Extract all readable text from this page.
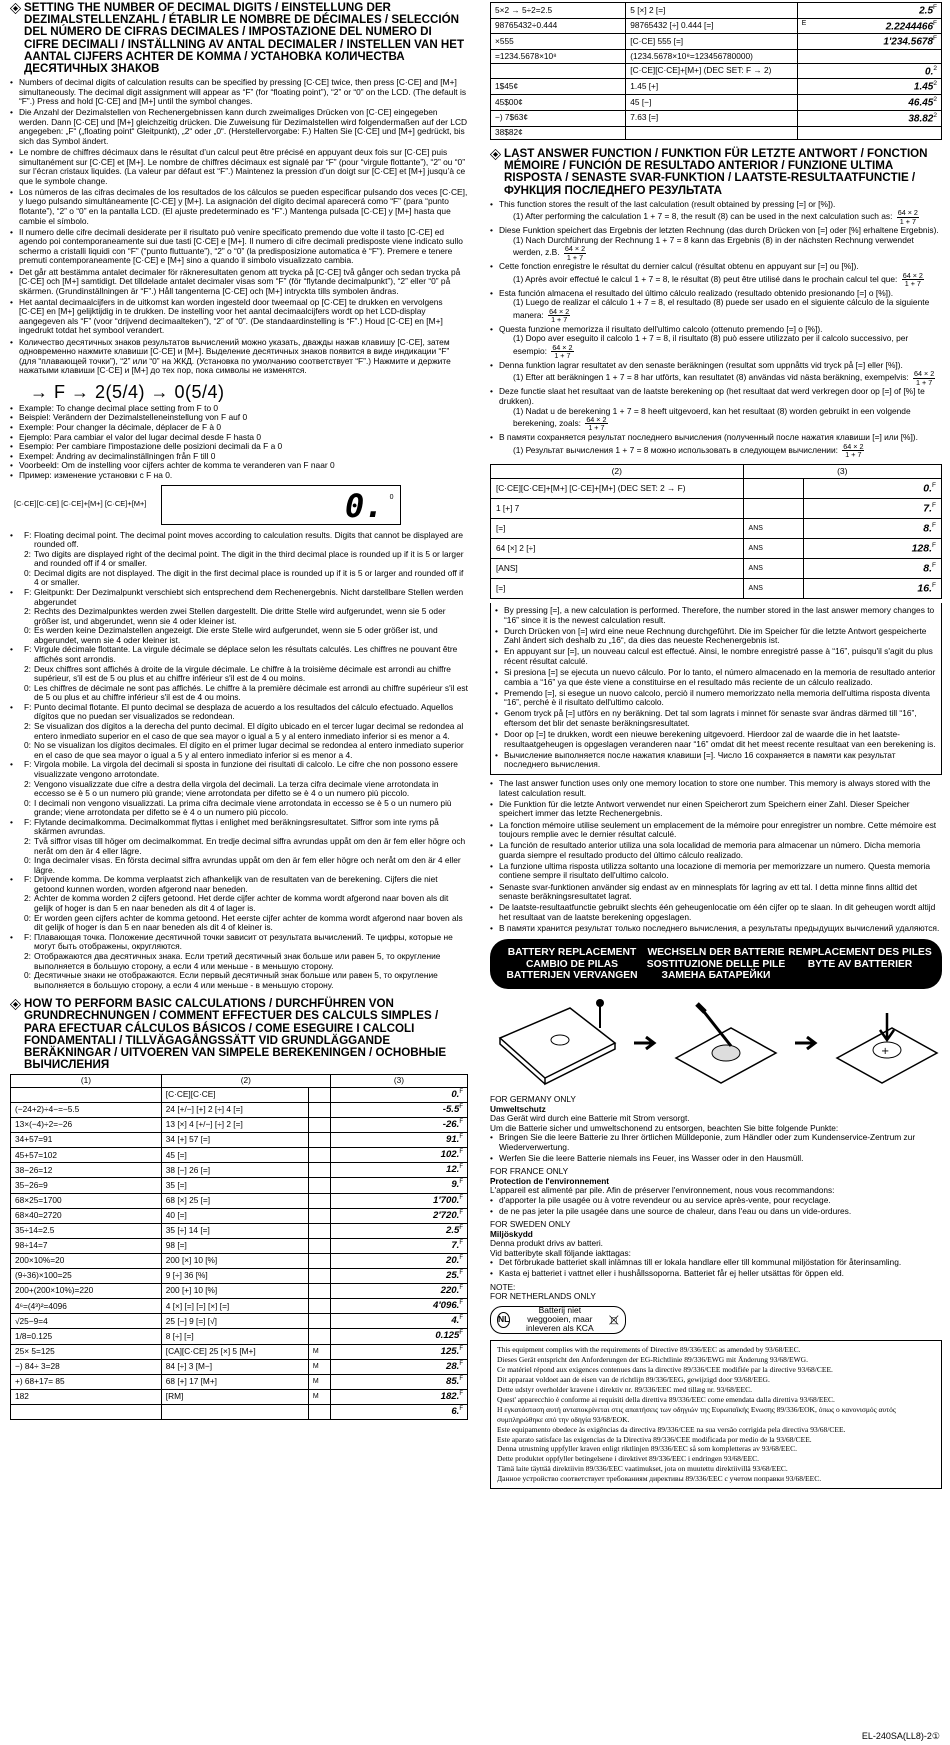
SETTING THE NUMBER OF DECIMAL DIGITS / EINSTELLUNG DER DEZIMALSTELLENZAHL / ÉTABLIR LE NOMBRE DE DÉCIMALES / SELECCIÓN DEL NÚMERO DE CIFRAS DECIMALES / IMPOSTAZIONE DEL NUMERO DI CIFRE DECIMALI / INSTÄLLNING AV ANTAL DECIMALER / INSTELLEN VAN HET AANTAL CIJFERS ACHTER DE KOMMA / УСТАНОВКА КОЛИЧЕСТВА ДЕСЯТИЧНЫХ ЗНАКОВ
• Numbers of decimal digits of calculation results can be specified by pressing [C·CE] twice, then press [C·CE] and [M+] simultaneously. The decimal digit assignment will appear as “F” (for “floating point”), “2” or “0” on the LCD. (The default is “F”.) Press and hold [C·CE] and [M+] until the symbol changes.
• Die Anzahl der Dezimalstellen von Rechenergebnissen kann durch zweimaliges Drücken von [C·CE] eingegeben werden. Dann [C·CE] und [M+] gleichzeitig drücken. Die Zuweisung für Dezimalstellen wird folgendermaßen auf der LCD angegeben: „F“ („floating point“ Gleitpunkt), „2“ oder „0“. (Herstellervorgabe: F.) Halten Sie [C·CE] und [M+] gedrückt, bis sich das Symbol ändert.
• Le nombre de chiffres décimaux dans le résultat d’un calcul peut être précisé en appuyant deux fois sur [C·CE] puis simultanément sur [C·CE] et [M+]. Le nombre de chiffres décimaux est signalé par “F” (pour “virgule flottante”), “2” ou “0” sur l’écran cristaux liquides. (La valeur par défaut est “F”.) Maintenez la pression d’un doigt sur [C·CE] et [M+] jusqu’à ce que le symbole change.
• Los números de las cifras decimales de los resultados de los cálculos se pueden especificar pulsando dos veces [C·CE], y luego pulsando simultáneamente [C·CE] y [M+]. La asignación del dígito decimal aparecerá como “F” (para “punto flotante”), “2” o “0” en la pantalla LCD. (El ajuste predeterminado es “F”.) Mantenga pulsada [C·CE] y [M+] hasta que cambie el símbolo.
• Il numero delle cifre decimali desiderate per il risultato può venire specificato premendo due volte il tasto [C·CE] ed agendo poi contemporaneamente sui due tasti [C·CE] e [M+]. Il numero di cifre decimali predisposte viene indicato sullo schermo a cristalli liquidi con “F” (“punto fluttuante”), “2” o “0” (la predisposizione automatica è “F”). Premere e tenere premuti contemporaneamente [C·CE] e [M+] sino a quando il simbolo visualizzato cambia.
• Det går att bestämma antalet decimaler för räkneresultaten genom att trycka på [C·CE] två gånger och sedan trycka på [C·CE] och [M+] samtidigt. Det tilldelade antalet decimaler visas som “F” (för “flytande decimalpunkt”), “2” eller “0” på skärmen. (Grundinställningen är “F”.) Håll tangenterna [C·CE] och [M+] intryckta tills symbolen ändras.
• Het aantal decimaalcijfers in de uitkomst kan worden ingesteld door tweemaal op [C·CE] te drukken en vervolgens [C·CE] en [M+] gelijktijdig in te drukken. De instelling voor het aantal decimaalcijfers wordt op het LCD-display aangegeven als “F” (voor “drijvend decimaalteken”), “2” of “0”. (De standaardinstelling is “F”.) Houd [C·CE] en [M+] ingedrukt totdat het symbool verandert.
• Количество десятичных знаков результатов вычислений можно указать, дважды нажав клавишу [C·CE], затем одновременно нажмите клавиши [C·CE] и [M+]. Выделение десятичных знаков появится в виде индикации “F” (для “плавающей точки”), “2” или “0” на ЖКД. (Установка по умолчанию соответствует “F”.) Нажмите и держите нажатыми клавиши [C·CE] и [M+] до тех пор, пока символы не изменятся.
→ F → 2(5/4) → 0(5/4)
• Example: To change decimal place setting from F to 0
• Beispiel: Verändern der Dezimalstelleneinstellung von F auf 0
• Exemple: Pour changer la décimale, déplacer de F à 0
• Ejemplo: Para cambiar el valor del lugar decimal desde F hasta 0
• Esempio: Per cambiare l'impostazione delle posizioni decimali da F a 0
• Exempel: Ändring av decimalinställningen från F till 0
• Voorbeeld: Om de instelling voor cijfers achter de komma te veranderen van F naar 0
• Пример: изменение установки с F на 0.
[C·CE][C·CE] [C·CE]+[M+] [C·CE]+[M+]	0. 0
•	F: Floating decimal point. The decimal point moves according to calculation results. Digits that cannot be displayed are rounded off.
2: Two digits are displayed right of the decimal point. The digit in the third decimal place is rounded up if it is 5 or larger and rounded off if 4 or smaller.
0: Decimal digits are not displayed. The digit in the first decimal place is rounded up if it is 5 or larger and rounded off if 4 or smaller.
•	F: Gleitpunkt: Der Dezimalpunkt verschiebt sich entsprechend dem Rechenergebnis. Nicht darstellbare Stellen werden abgerundet
2: Rechts des Dezimalpunktes werden zwei Stellen dargestellt. Die dritte Stelle wird aufgerundet, wenn sie 5 oder größer ist, und abgerundet, wenn sie 4 oder kleiner ist.
0: Es werden keine Dezimalstellen angezeigt. Die erste Stelle wird aufgerundet, wenn sie 5 oder größer ist, und abgerundet, wenn sie 4 oder kleiner ist.
•	F: Virgule décimale flottante. La virgule décimale se déplace selon les résultats calculés. Les chiffres ne pouvant être affichés sont arrondis.
2: Deux chiffres sont affichés à droite de la virgule décimale. Le chiffre à la troisième décimale est arrondi au chiffre supérieur, s'il est de 5 ou plus et au chiffre inférieur s'il est de 4 ou moins.
0: Les chiffres de décimale ne sont pas affichés. Le chiffre à la première décimale est arrondi au chiffre supérieur s'il est de 5 ou plus et au chiffre inférieur s'il est de 4 ou moins.
•	F: Punto decimal flotante. El punto decimal se desplaza de acuerdo a los resultados del cálculo efectuado. Aquellos dígitos que no puedan ser visualizados se redondean.
2: Se visualizan dos dígitos a la derecha del punto decimal. El dígito ubicado en el tercer lugar decimal se redondea al entero inmediato superior en el caso de que sea mayor o igual a 5 y al entero inmediato inferior si es menor a 4.
0: No se visualizan los dígitos decimales. El dígito en el primer lugar decimal se redondea al entero inmediato superior en el caso de que sea mayor o igual a 5 y al entero inmediato inferior si es menor a 4.
•	F: Virgola mobile. La virgola del decimali si sposta in funzione dei risultati di calcolo. Le cifre che non possono essere visualizzate vengono arrotondate.
2: Vengono visualizzate due cifre a destra della virgola del decimali. La terza cifra decimale viene arrotondata in eccesso se è 5 o un numero più grande; viene arrotondata per difetto se è 4 o un numero più piccolo.
0: I decimali non vengono visualizzati. La prima cifra decimale viene arrotondata in eccesso se è 5 o un numero più grande; viene arrotondata per difetto se è 4 o un numero più piccolo.
•	F: Flytande decimalkomma. Decimalkommat flyttas i enlighet med beräkningsresultatet. Siffror som inte ryms på skärmen avrundas.
2: Två siffror visas till höger om decimalkommat. En tredje decimal siffra avrundas uppåt om den är fem eller högre och neråt om den är 4 eller lägre.
0: Inga decimaler visas. En första decimal siffra avrundas uppåt om den är fem eller högre och neråt om den är 4 eller lägre.
•	F: Drijvende komma. De komma verplaatst zich afhankelijk van de resultaten van de berekening. Cijfers die niet getoond kunnen worden, worden afgerond naar beneden.
2: Achter de komma worden 2 cijfers getoond. Het derde cijfer achter de komma wordt afgerond naar boven als dit gelijk of hoger is dan 5 en naar beneden als dit 4 of lager is.
0: Er worden geen cijfers achter de komma getoond. Het eerste cijfer achter de komma wordt afgerond naar boven als dit gelijk of hoger is dan 5 en naar beneden als dit 4 of kleiner is.
•	F: Плавающая точка. Положение десятичной точки зависит от результата вычислений. Те цифры, которые не могут быть отображены, округляются.
2: Отображаются два десятичных знака. Если третий десятичный знак больше или равен 5, то округление выполняется в большую сторону, а если 4 или меньше - в меньшую сторону.
0: Десятичные знаки не отображаются. Если первый десятичный знак больше или равен 5, то округление выполняется в большую сторону, а если 4 или меньше - в меньшую сторону.
HOW TO PERFORM BASIC CALCULATIONS / DURCHFÜHREN VON GRUNDRECHNUNGEN / COMMENT EFFECTUER DES CALCULS SIMPLES / PARA EFECTUAR CÁLCULOS BÁSICOS / COME ESEGUIRE I CALCOLI FONDAMENTALI / TILLVÄGAGÅNGSSÄTT VID GRUNDLÄGGANDE BERÄKNINGAR / UITVOEREN VAN SIMPELE BEREKENINGEN / ОСНОВНЫЕ ВЫЧИСЛЕНИЯ
(1)	(2)		(3)
	[C·CE][C·CE]		0.$^F$
(−24+2)÷4−=−5.5	24 [+/−] [+] 2 [÷] 4 [=]		$-5.5^F$
13×(−4)÷2=−26	13 [×] 4 [+/−] [÷] 2 [=]		-26.$^F$
34+57=91	34 [+] 57 [=]		91.$^F$
45+57=102	45 [=]		102.$^F$
38−26=12	38 [−] 26 [=]		12.$^F$
35−26=9	35 [=]		9.$^F$
68×25=1700	68 [×] 25 [=]		1'700.$^F$
68×40=2720	40 [=]		2'720.$^F$
35÷14=2.5	35 [÷] 14 [=]		$2.5^F$
98÷14=7	98 [=]		7.$^F$
200×10%=20	200 [×] 10 [%]		20.$^F$
(9÷36)×100=25	9 [÷] 36 [%]		25.$^F$
200+(200×10%)=220	200 [+] 10 [%]		220.$^F$
4⁶=(4³)²=4096	4 [×] [=] [=] [×] [=]		4'096.$^F$
√25−9=4	25 [−] 9 [=] [√]		4.$^F$
1/8=0.125	8 [÷] [=]		$0.125^F$
25× 5=125	[CA][C·CE] 25 [×] 5 [M+]	M	125.$^F$
−) 84÷ 3=28	84 [÷] 3 [M−]	M	28.$^F$
+) 68+17= 85	68 [+] 17 [M+]	M	85.$^F$
182	[RM]	M	182.$^F$
			6.$^F$
5×2 → 5÷2=2.5	5 [×] 2 [=]	$2.5^F$
98765432÷0.444	98765432 [÷] 0.444 [=]	E $2.2244466^F$
×555	[C·CE] 555 [=]	$1'234.5678^F$
=1234.5678×10⁸	(1234.5678×10⁸=123456780000)	

	[C·CE][C·CE]+[M+] (DEC SET: F → 2)	0.$^2$
1$45¢	1.45 [+]	1.45$^2$
45$00¢	45 [−]	$46.45^2$
−) 7$63¢	7.63 [=]	38.82$^2$
38$82¢		
LAST ANSWER FUNCTION / FUNKTION FÜR LETZTE ANTWORT / FONCTION MÉMOIRE / FUNCIÓN DE RESULTADO ANTERIOR / FUNZIONE ULTIMA RISPOSTA / SENASTE SVAR-FUNKTION / LAATSTE-RESULTAATFUNCTIE / ФУНКЦИЯ ПОСЛЕДНЕГО РЕЗУЛЬТАТА
• This function stores the result of the last calculation (result obtained by pressing [=] or [%]).
(1) After performing the calculation 1 + 7 = 8, the result (8) can be used in the next calculation such as: $\frac{64 \times 2}{1 + 7}$
• Diese Funktion speichert das Ergebnis der letzten Rechnung (das durch Drücken von [=] oder [%] erhaltene Ergebnis).
(1) Nach Durchführung der Rechnung 1 + 7 = 8 kann das Ergebnis (8) in der nächsten Rechnung verwendet werden, z.B. $\frac{64 \times 2}{1 + 7}$
• Cette fonction enregistre le résultat du dernier calcul (résultat obtenu en appuyant sur [=] ou [%]).
(1) Après avoir effectué le calcul 1 + 7 = 8, le résultat (8) peut être utilisé dans le prochain calcul tel que: $\frac{64 \times 2}{1 + 7}$
• Esta función almacena el resultado del último cálculo realizado (resultado obtenido presionando [=] o [%]).
(1) Luego de realizar el cálculo 1 + 7 = 8, el resultado (8) puede ser usado en el siguiente cálculo de la siguiente manera: $\frac{64 \times 2}{1 + 7}$
• Questa funzione memorizza il risultato dell'ultimo calcolo (ottenuto premendo [=] o [%]).
(1) Dopo aver eseguito il calcolo 1 + 7 = 8, il risultato (8) può essere utilizzato per il calcolo successivo, per esempio: $\frac{64 \times 2}{1 + 7}$
• Denna funktion lagrar resultatet av den senaste beräkningen (resultat som uppnåtts vid tryck på [=] eller [%]).
(1) Efter att beräkningen 1 + 7 = 8 har utförts, kan resultatet (8) användas vid nästa beräkning, exempelvis: $\frac{64 \times 2}{1 + 7}$
• Deze functie slaat het resultaat van de laatste berekening op (het resultaat dat werd verkregen door op [=] of [%] te drukken).
(1) Nadat u de berekening 1 + 7 = 8 heeft uitgevoerd, kan het resultaat (8) worden gebruikt in een volgende berekening, zoals: $\frac{64 \times 2}{1 + 7}$
• В памяти сохраняется результат последнего вычисления (полученный после нажатия клавиши [=] или [%]).
(1) Результат вычисления 1 + 7 = 8 можно использовать в следующем вычислении: $\frac{64 \times 2}{1 + 7}$
(2)	(3)	
[C·CE][C·CE]+[M+] [C·CE]+[M+] (DEC SET: 2 → F)		0.$^F$
1 [+] 7		7.$^F$
[=]	ANS	8.$^F$
64 [×] 2 [÷]	ANS	128.$^F$
[ANS]	ANS	8.$^F$
[=]	ANS	16.$^F$
• By pressing [=], a new calculation is performed. Therefore, the number stored in the last answer memory changes to “16” since it is the newest calculation result.
• Durch Drücken von [=] wird eine neue Rechnung durchgeführt. Die im Speicher für die letzte Antwort gespeicherte Zahl ändert sich deshalb zu „16“, da dies das neueste Rechenergebnis ist.
• En appuyant sur [=], un nouveau calcul est effectué. Ainsi, le nombre enregistré passe à “16”, puisqu'il s'agit du plus récent résultat calculé.
• Si presiona [=] se ejecuta un nuevo cálculo. Por lo tanto, el número almacenado en la memoria de resultado anterior cambia a “16” ya que éste viene a constituirse en el resultado más reciente de un cálculo realizado.
• Premendo [=], si esegue un nuovo calcolo, perciò il numero memorizzato nella memoria dell'ultima risposta diventa “16”, perché è il risultato dell'ultimo calcolo.
• Genom tryck på [=] utförs en ny beräkning. Det tal som lagrats i minnet för senaste svar ändras därmed till “16”, eftersom det blir det senaste beräkningsresultatet.
• Door op [=] te drukken, wordt een nieuwe berekening uitgevoerd. Hierdoor zal de waarde die in het laatste-resultaatgeheugen is opgeslagen veranderen naar “16” omdat dit het meest recente resultaat van een berekening is.
• Вычисление выполняется после нажатия клавиши [=]. Число 16 сохраняется в памяти как результат последнего вычисления.
• The last answer function uses only one memory location to store one number. This memory is always stored with the latest calculation result.
• Die Funktion für die letzte Antwort verwendet nur einen Speicherort zum Speichern einer Zahl. Dieser Speicher speichert immer das letzte Rechenergebnis.
• La fonction mémoire utilise seulement un emplacement de la mémoire pour enregistrer un nombre. Cette mémoire est toujours remplie avec le dernier résultat calculé.
• La función de resultado anterior utiliza una sola localidad de memoria para almacenar un número. Dicha memoria guarda siempre el resultado producto del último cálculo realizado.
• La funzione ultima risposta utilizza soltanto una locazione di memoria per memorizzare un numero. Questa memoria contiene sempre il risultato dell'ultimo calcolo.
• Senaste svar-funktionen använder sig endast av en minnesplats för lagring av ett tal. I detta minne finns alltid det senaste beräkningsresultatet lagrat.
• De laatste-resultaatfunctie gebruikt slechts één geheugenlocatie om één cijfer op te slaan. In dit geheugen wordt altijd het resultaat van de laatste berekening opgeslagen.
• В памяти хранится результат только последнего вычисления, а результаты предыдущих вычислений удаляются.
BATTERY REPLACEMENT
CAMBIO DE PILAS
BATTERIJEN VERVANGEN
WECHSELN DER BATTERIE
SOSTITUZIONE DELLE PILE
ЗАМЕНА БАТАРЕЙКИ
REMPLACEMENT DES PILES
BYTE AV BATTERIER
+

FOR GERMANY ONLY

Umweltschutz

Das Gerät wird durch eine Batterie mit Strom versorgt.

Um die Batterie sicher und umweltschonend zu entsorgen, beachten Sie bitte folgende Punkte:

• Bringen Sie die leere Batterie zu Ihrer örtlichen Mülldeponie, zum Händler oder zum Kundenservice-Zentrum zur Wiederverwertung.
• Werfen Sie die leere Batterie niemals ins Feuer, ins Wasser oder in den Hausmüll.

FOR FRANCE ONLY

Protection de l'environnement

L'appareil est alimenté par pile. Afin de préserver l'environnement, nous vous recommandons:

• d'apporter la pile usagée ou à votre revendeur ou au service après-vente, pour recyclage.
• de ne pas jeter la pile usagée dans une source de chaleur, dans l'eau ou dans un vide-ordures.

FOR SWEDEN ONLY

Miljöskydd

Denna produkt drivs av batteri.

Vid batteribyte skall följande iakttagas:

• Det förbrukade batteriet skall inlämnas till er lokala handlare eller till kommunal miljöstation för återinsamling.
• Kasta ej batteriet i vattnet eller i hushållssoporna. Batteriet får ej heller utsättas för öppen eld.

NOTE:

FOR NETHERLANDS ONLY

NL
Batterij niet weggooien, maar inleveren als KCA
This equipment complies with the requirements of Directive 89/336/EEC as amended by 93/68/EEC.
Dieses Gerät entspricht den Anforderungen der EG-Richtlinie 89/336/EWG mit Änderung 93/68/EWG.
Ce matériel répond aux exigences contenues dans la directive 89/336/CEE modifiée par la directive 93/68/CEE.
Dit apparaat voldoet aan de eisen van de richtlijn 89/336/EEG, gewijzigd door 93/68/EEG.
Dette udstyr overholder kravene i direktiv nr. 89/336/EEC med tillæg nr. 93/68/EEC.
Quest' apparecchio è conforme ai requisiti della direttiva 89/336/EEC come emendata dalla direttiva 93/68/EEC.
Η εγκατάσταση αυτή ανταποκρίνεται στις απαιτήσεις των οδηγιών της Ευρωπαϊκής Ενωσης 89/336/ΕΟΚ, όπως ο κανονισμός αυτός συμπληρώθηκε από την οδηγία 93/68/ΕΟΚ.
Este equipamento obedece às exigências da directiva 89/336/CEE na sua versão corrigida pela directiva 93/68/CEE.
Este aparato satisface las exigencias de la Directiva 89/336/CEE modificada por medio de la 93/68/CEE.
Denna utrustning uppfyller kraven enligt riktlinjen 89/336/EEC så som kompletteras av 93/68/EEC.
Dette produktet oppfyller betingelsene i direktivet 89/336/EEC i endringen 93/68/EEC.
Tämä laite täyttää direktiivin 89/336/EEC vaatimukset, jota on muutettu direktiivillä 93/68/EEC.
Данное устройство соответствует требованиям директивы 89/336/EEC с учетом поправки 93/68/EEC.
EL-240SA(LL8)-2①
